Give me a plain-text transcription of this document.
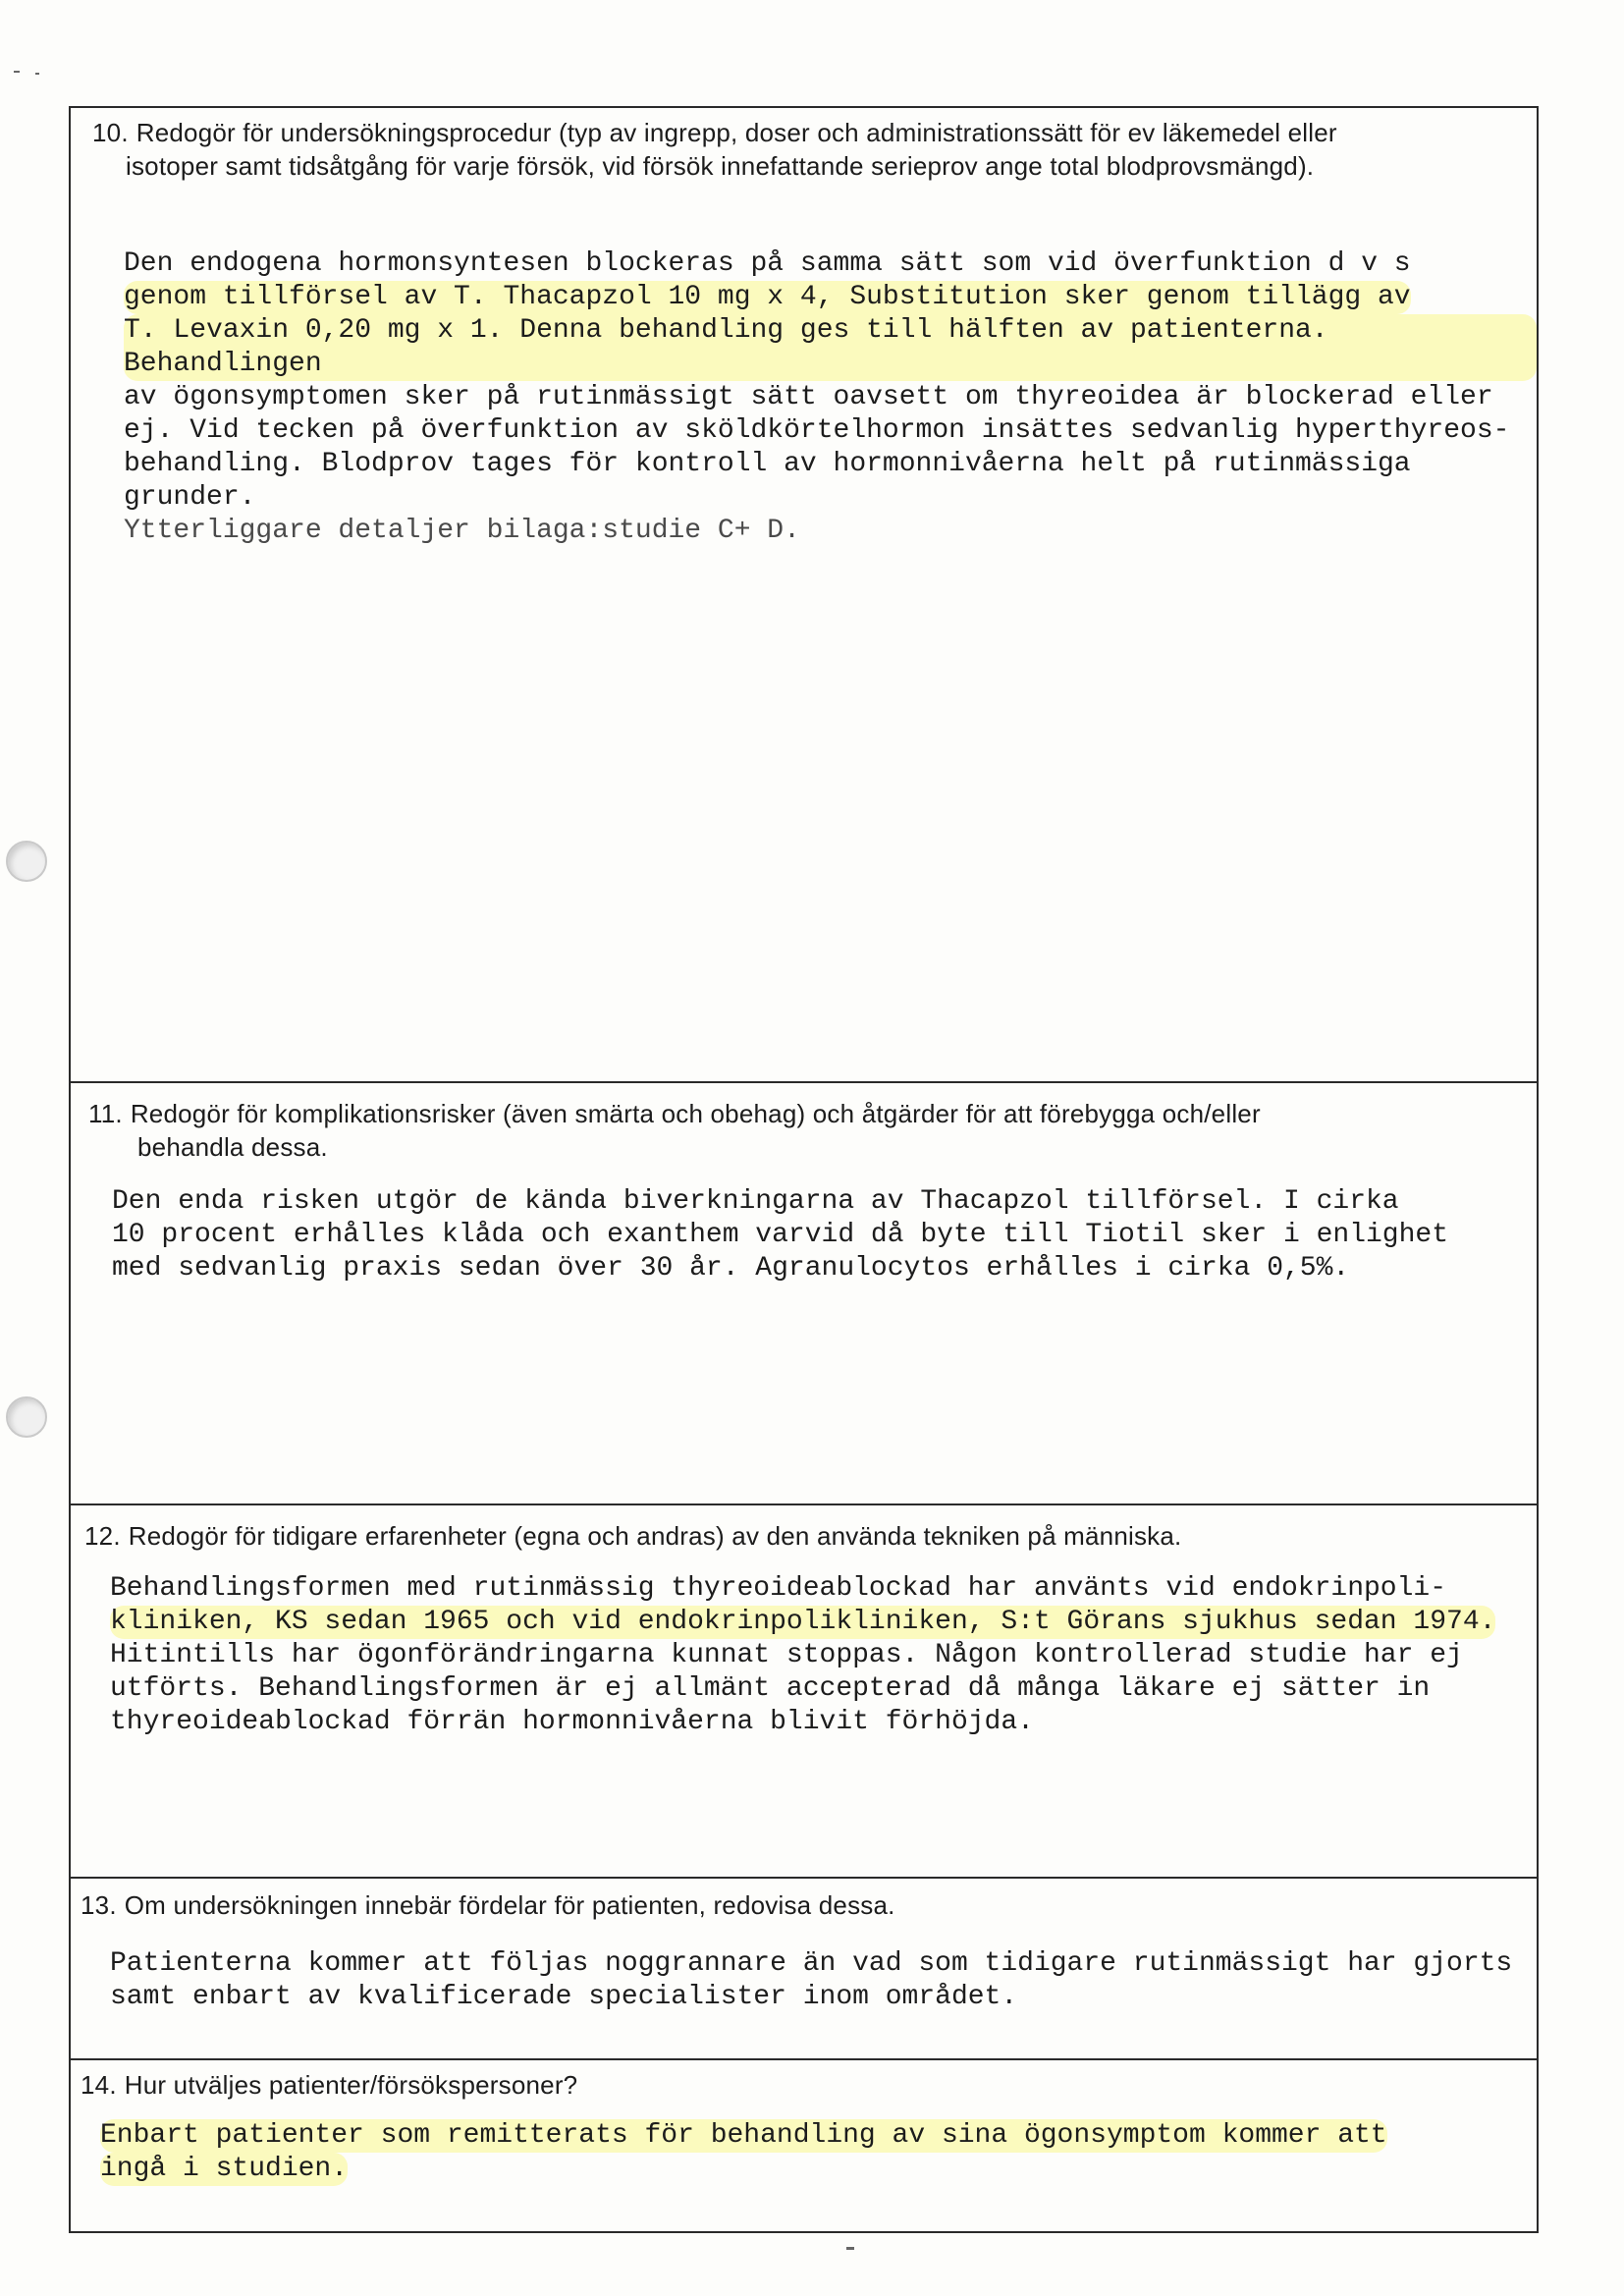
10. Redogör för undersökningsprocedur (typ av ingrepp, doser och administrationssätt för ev läkemedel eller
isotoper samt tidsåtgång för varje försök, vid försök innefattande serieprov ange total blodprovsmängd).

Den endogena hormonsyntesen blockeras på samma sätt som vid överfunktion d v s

genom tillförsel av T. Thacapzol 10 mg x 4, Substitution sker genom tillägg av

T. Levaxin 0,20 mg x 1. Denna behandling ges till hälften av patienterna. Behandlingen

av ögonsymptomen sker på rutinmässigt sätt oavsett om thyreoidea är blockerad eller

ej. Vid tecken på överfunktion av sköldkörtelhormon insättes sedvanlig hyperthyreos-

behandling. Blodprov tages för kontroll av hormonnivåerna helt på rutinmässiga

grunder.

Ytterliggare detaljer bilaga:studie C+ D.

11. Redogör för komplikationsrisker (även smärta och obehag) och åtgärder för att förebygga och/eller
behandla dessa.

Den enda risken utgör de kända biverkningarna av Thacapzol tillförsel. I cirka

10 procent erhålles klåda och exanthem varvid då byte till Tiotil sker i enlighet

med sedvanlig praxis sedan över 30 år. Agranulocytos erhålles i cirka 0,5%.

12. Redogör för tidigare erfarenheter (egna och andras) av den använda tekniken på människa.

Behandlingsformen med rutinmässig thyreoideablockad har använts vid endokrinpoli-

kliniken, KS sedan 1965 och vid endokrinpolikliniken, S:t Görans sjukhus sedan 1974.

Hitintills har ögonförändringarna kunnat stoppas. Någon kontrollerad studie har ej

utförts. Behandlingsformen är ej allmänt accepterad då många läkare ej sätter in

thyreoideablockad förrän hormonnivåerna blivit förhöjda.

13. Om undersökningen innebär fördelar för patienten, redovisa dessa.

Patienterna kommer att följas noggrannare än vad som tidigare rutinmässigt har gjorts

samt enbart av kvalificerade specialister inom området.

14. Hur utväljes patienter/försökspersoner?

Enbart patienter som remitterats för behandling av sina ögonsymptom kommer att

ingå i studien.
